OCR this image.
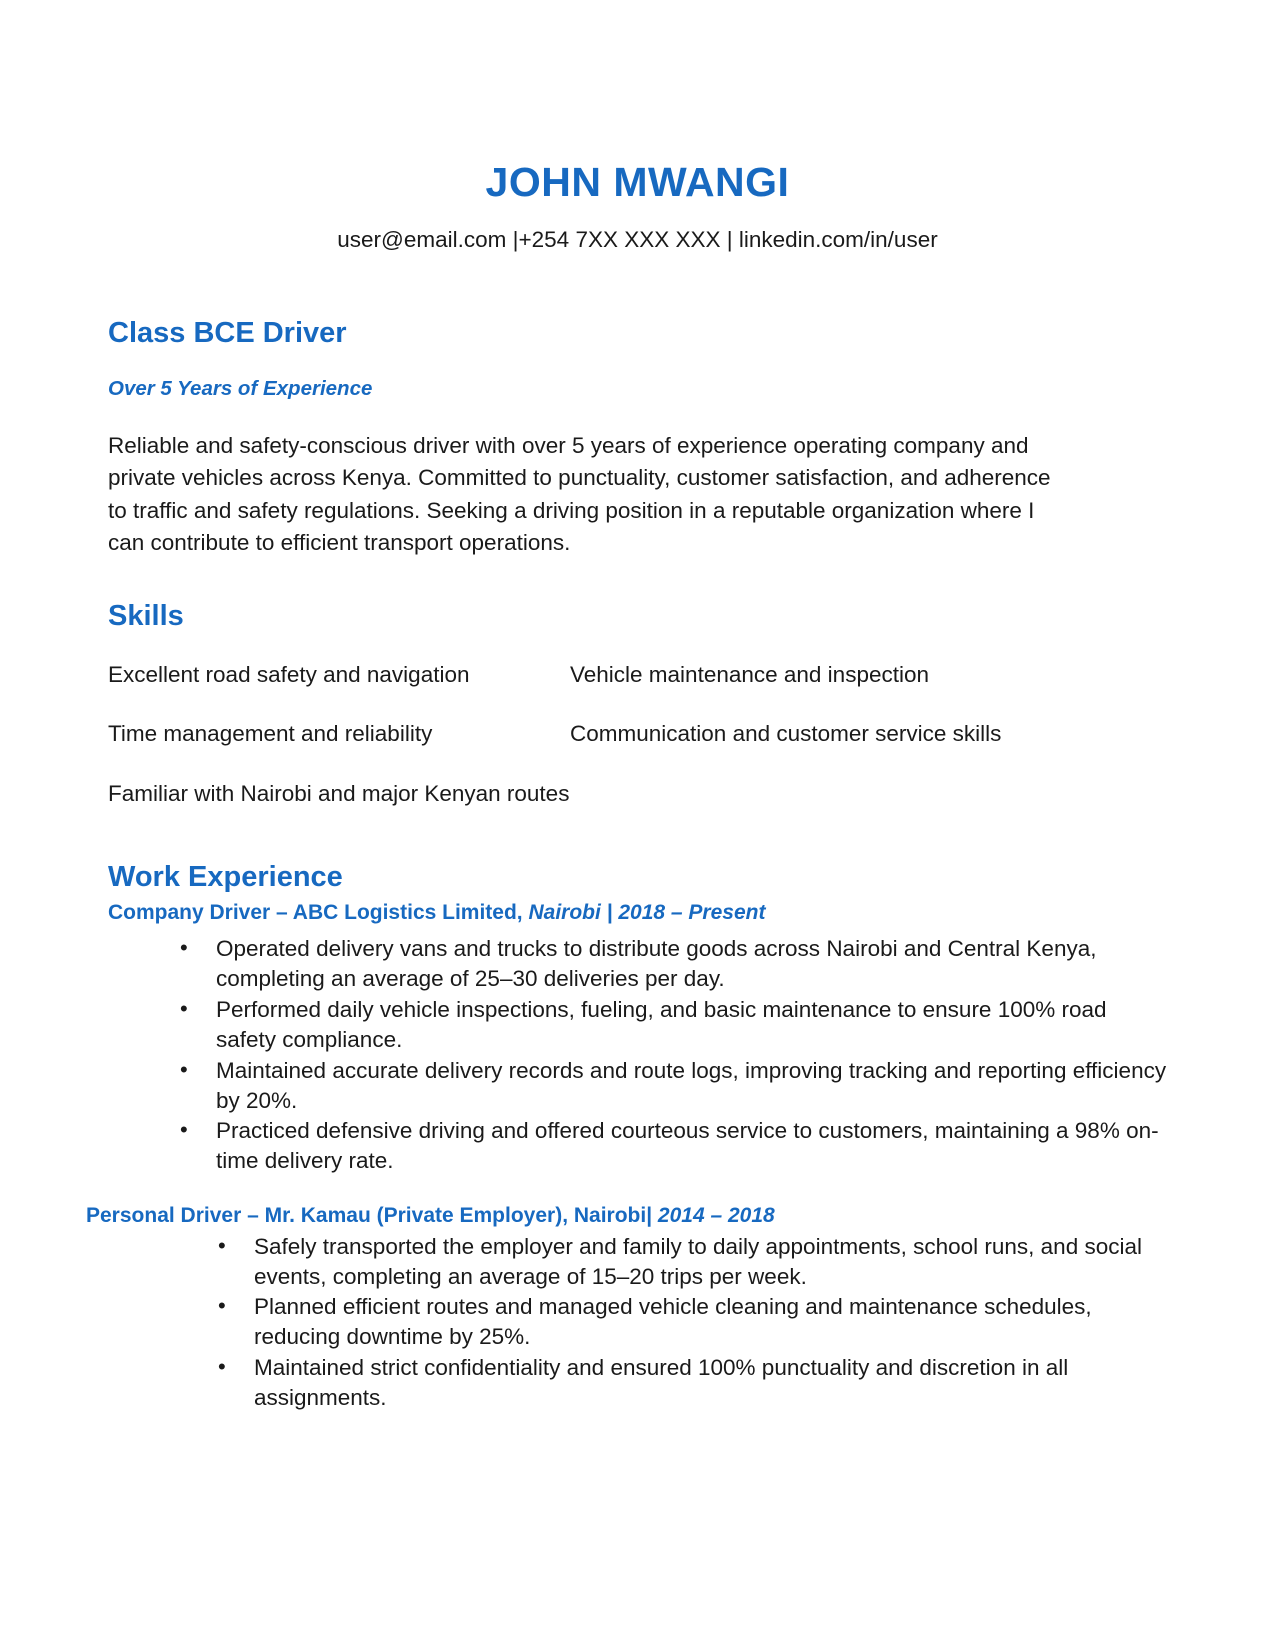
JOHN MWANGI
user@email.com |+254 7XX XXX XXX | linkedin.com/in/user
Class BCE Driver
Over 5 Years of Experience

Reliable and safety-conscious driver with over 5 years of experience operating company and private vehicles across Kenya. Committed to punctuality, customer satisfaction, and adherence to traffic and safety regulations. Seeking a driving position in a reputable organization where I can contribute to efficient transport operations.

Skills
Excellent road safety and navigation	Vehicle maintenance and inspection
Time management and reliability	Communication and customer service skills
Familiar with Nairobi and major Kenyan routes
Work Experience
Company Driver – ABC Logistics Limited, Nairobi | 2018 – Present
• Operated delivery vans and trucks to distribute goods across Nairobi and Central Kenya, completing an average of 25–30 deliveries per day.
• Performed daily vehicle inspections, fueling, and basic maintenance to ensure 100% road safety compliance.
• Maintained accurate delivery records and route logs, improving tracking and reporting efficiency by 20%.
• Practiced defensive driving and offered courteous service to customers, maintaining a 98% on-time delivery rate.
Personal Driver – Mr. Kamau (Private Employer), Nairobi| 2014 – 2018
• Safely transported the employer and family to daily appointments, school runs, and social events, completing an average of 15–20 trips per week.
• Planned efficient routes and managed vehicle cleaning and maintenance schedules, reducing downtime by 25%.
• Maintained strict confidentiality and ensured 100% punctuality and discretion in all assignments.
